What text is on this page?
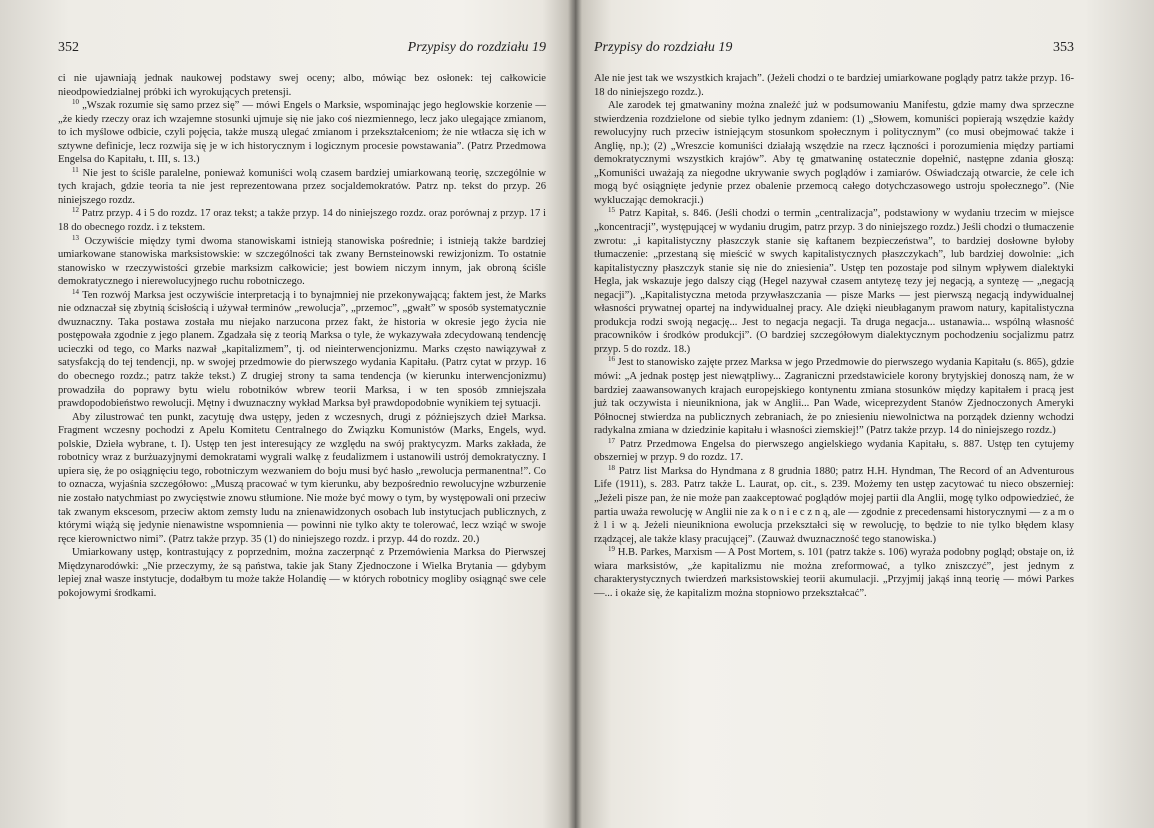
352	Przypisy do rozdziału 19

ci nie ujawniają jednak naukowej podstawy swej oceny; albo, mówiąc bez osłonek: tej całkowicie nieodpowiedzialnej próbki ich wyrokujących pretensji.

$^{10}$ „Wszak rozumie się samo przez się” — mówi Engels o Marksie, wspominając jego heglowskie korzenie — „że kiedy rzeczy oraz ich wzajemne stosunki ujmuje się nie jako coś niezmiennego, lecz jako ulegające zmianom, to ich myślowe odbicie, czyli pojęcia, także muszą ulegać zmianom i przekształceniom; że nie wtłacza się ich w sztywne definicje, lecz rozwija się je w ich historycznym i logicznym procesie powstawania”. (Patrz Przedmowa Engelsa do Kapitału, t. III, s. 13.)

$^{11}$ Nie jest to ściśle paralelne, ponieważ komuniści wolą czasem bardziej umiarkowaną teorię, szczególnie w tych krajach, gdzie teoria ta nie jest reprezentowana przez socjaldemokratów. Patrz np. tekst do przyp. 26 niniejszego rozdz.

$^{12}$ Patrz przyp. 4 i 5 do rozdz. 17 oraz tekst; a także przyp. 14 do niniejszego rozdz. oraz porównaj z przyp. 17 i 18 do obecnego rozdz. i z tekstem.

$^{13}$ Oczywiście między tymi dwoma stanowiskami istnieją stanowiska pośrednie; i istnieją także bardziej umiarkowane stanowiska marksistowskie: w szczególności tak zwany Bernsteinowski rewizjonizm. To ostatnie stanowisko w rzeczywistości grzebie marksizm całkowicie; jest bowiem niczym innym, jak obroną ściśle demokratycznego i nierewolucyjnego ruchu robotniczego.

$^{14}$ Ten rozwój Marksa jest oczywiście interpretacją i to bynajmniej nie przekonywającą; faktem jest, że Marks nie odznaczał się zbytnią ścisłością i używał terminów „rewolucja”, „przemoc”, „gwałt” w sposób systematycznie dwuznaczny. Taka postawa została mu niejako narzucona przez fakt, że historia w okresie jego życia nie postępowała zgodnie z jego planem. Zgadzała się z teorią Marksa o tyle, że wykazywała zdecydowaną tendencję ucieczki od tego, co Marks nazwał „kapitalizmem”, tj. od nieinterwencjonizmu. Marks często nawiązywał z satysfakcją do tej tendencji, np. w swojej przedmowie do pierwszego wydania Kapitału. (Patrz cytat w przyp. 16 do obecnego rozdz.; patrz także tekst.) Z drugiej strony ta sama tendencja (w kierunku interwencjonizmu) prowadziła do poprawy bytu wielu robotników wbrew teorii Marksa, i w ten sposób zmniejszała prawdopodobieństwo rewolucji. Mętny i dwuznaczny wykład Marksa był prawdopodobnie wynikiem tej sytuacji.

Aby zilustrować ten punkt, zacytuję dwa ustępy, jeden z wczesnych, drugi z późniejszych dzieł Marksa. Fragment wczesny pochodzi z Apelu Komitetu Centralnego do Związku Komunistów (Marks, Engels, wyd. polskie, Dzieła wybrane, t. I). Ustęp ten jest interesujący ze względu na swój praktycyzm. Marks zakłada, że robotnicy wraz z burżuazyjnymi demokratami wygrali walkę z feudalizmem i ustanowili ustrój demokratyczny. I upiera się, że po osiągnięciu tego, robotniczym wezwaniem do boju musi być hasło „rewolucja permanentna!”. Co to oznacza, wyjaśnia szczegółowo: „Muszą pracować w tym kierunku, aby bezpośrednio rewolucyjne wzburzenie nie zostało natychmiast po zwycięstwie znowu stłumione. Nie może być mowy o tym, by występowali oni przeciw tak zwanym ekscesom, przeciw aktom zemsty ludu na znienawidzonych osobach lub instytucjach publicznych, z którymi wiążą się jedynie nienawistne wspomnienia — powinni nie tylko akty te tolerować, lecz wziąć w swoje ręce kierownictwo nimi”. (Patrz także przyp. 35 (1) do niniejszego rozdz. i przyp. 44 do rozdz. 20.)

Umiarkowany ustęp, kontrastujący z poprzednim, można zaczerpnąć z Przemówienia Marksa do Pierwszej Międzynarodówki: „Nie przeczymy, że są państwa, takie jak Stany Zjednoczone i Wielka Brytania — gdybym lepiej znał wasze instytucje, dodałbym tu może także Holandię — w których robotnicy mogliby osiągnąć swe cele pokojowymi środkami.

Przypisy do rozdziału 19	353

Ale nie jest tak we wszystkich krajach”. (Jeżeli chodzi o te bardziej umiarkowane poglądy patrz także przyp. 16-18 do niniejszego rozdz.).

Ale zarodek tej gmatwaniny można znaleźć już w podsumowaniu Manifestu, gdzie mamy dwa sprzeczne stwierdzenia rozdzielone od siebie tylko jednym zdaniem: (1) „Słowem, komuniści popierają wszędzie każdy rewolucyjny ruch przeciw istniejącym stosunkom społecznym i politycznym” (co musi obejmować także i Anglię, np.); (2) „Wreszcie komuniści działają wszędzie na rzecz łączności i porozumienia między partiami demokratycznymi wszystkich krajów”. Aby tę gmatwaninę ostatecznie dopełnić, następne zdania głoszą: „Komuniści uważają za niegodne ukrywanie swych poglądów i zamiarów. Oświadczają otwarcie, że cele ich mogą być osiągnięte jedynie przez obalenie przemocą całego dotychczasowego ustroju społecznego”. (Nie wykluczając demokracji.)

$^{15}$ Patrz Kapitał, s. 846. (Jeśli chodzi o termin „centralizacja”, podstawiony w wydaniu trzecim w miejsce „koncentracji”, występującej w wydaniu drugim, patrz przyp. 3 do niniejszego rozdz.) Jeśli chodzi o tłumaczenie zwrotu: „i kapitalistyczny płaszczyk stanie się kaftanem bezpieczeństwa”, to bardziej dosłowne byłoby tłumaczenie: „przestaną się mieścić w swych kapitalistycznych płaszczykach”, lub bardziej dowolnie: „ich kapitalistyczny płaszczyk stanie się nie do zniesienia”. Ustęp ten pozostaje pod silnym wpływem dialektyki Hegla, jak wskazuje jego dalszy ciąg (Hegel nazywał czasem antytezę tezy jej negacją, a syntezę — „negacją negacji”). „Kapitalistyczna metoda przywłaszczania — pisze Marks — jest pierwszą negacją indywidualnej własności prywatnej opartej na indywidualnej pracy. Ale dzięki nieubłaganym prawom natury, kapitalistyczna produkcja rodzi swoją negację... Jest to negacja negacji. Ta druga negacja... ustanawia... wspólną własność pracowników i środków produkcji”. (O bardziej szczegółowym dialektycznym pochodzeniu socjalizmu patrz przyp. 5 do rozdz. 18.)

$^{16}$ Jest to stanowisko zajęte przez Marksa w jego Przedmowie do pierwszego wydania Kapitału (s. 865), gdzie mówi: „A jednak postęp jest niewątpliwy... Zagraniczni przedstawiciele korony brytyjskiej donoszą nam, że w bardziej zaawansowanych krajach europejskiego kontynentu zmiana stosunków między kapitałem i pracą jest już tak oczywista i nieunikniona, jak w Anglii... Pan Wade, wiceprezydent Stanów Zjednoczonych Ameryki Północnej stwierdza na publicznych zebraniach, że po zniesieniu niewolnictwa na porządek dzienny wchodzi radykalna zmiana w dziedzinie kapitału i własności ziemskiej!” (Patrz także przyp. 14 do niniejszego rozdz.)

$^{17}$ Patrz Przedmowa Engelsa do pierwszego angielskiego wydania Kapitału, s. 887. Ustęp ten cytujemy obszerniej w przyp. 9 do rozdz. 17.

$^{18}$ Patrz list Marksa do Hyndmana z 8 grudnia 1880; patrz H.H. Hyndman, The Record of an Adventurous Life (1911), s. 283. Patrz także L. Laurat, op. cit., s. 239. Możemy ten ustęp zacytować tu nieco obszerniej: „Jeżeli pisze pan, że nie może pan zaakceptować poglądów mojej partii dla Anglii, mogę tylko odpowiedzieć, że partia uważa rewolucję w Anglii nie za k o n i e c z n ą, ale — zgodnie z precedensami historycznymi — z a m o ż l i w ą. Jeżeli nieunikniona ewolucja przekształci się w rewolucję, to będzie to nie tylko błędem klasy rządzącej, ale także klasy pracującej”. (Zauważ dwuznaczność tego stanowiska.)

$^{19}$ H.B. Parkes, Marxism — A Post Mortem, s. 101 (patrz także s. 106) wyraża podobny pogląd; obstaje on, iż wiara marksistów, „że kapitalizmu nie można zreformować, a tylko zniszczyć”, jest jednym z charakterystycznych twierdzeń marksistowskiej teorii akumulacji. „Przyjmij jakąś inną teorię — mówi Parkes —... i okaże się, że kapitalizm można stopniowo przekształcać”.
